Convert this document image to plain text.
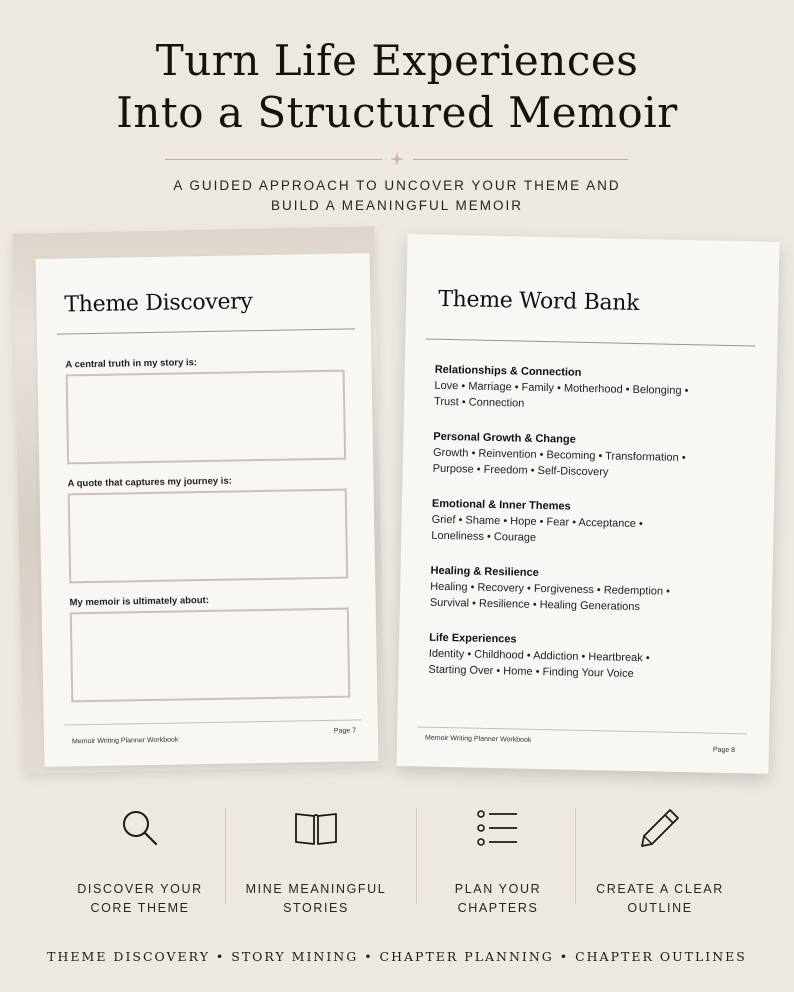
Turn Life Experiences
Into a Structured Memoir
A GUIDED APPROACH TO UNCOVER YOUR THEME AND
BUILD A MEANINGFUL MEMOIR
Theme Discovery
A central truth in my story is:
A quote that captures my journey is:
My memoir is ultimately about:
Memoir Writing Planner Workbook
Page 7
Theme Word Bank
Relationships & Connection
Love • Marriage • Family • Motherhood • Belonging •
Trust • Connection
Personal Growth & Change
Growth • Reinvention • Becoming • Transformation •
Purpose • Freedom • Self-Discovery
Emotional & Inner Themes
Grief • Shame • Hope • Fear • Acceptance •
Loneliness • Courage
Healing & Resilience
Healing • Recovery • Forgiveness • Redemption •
Survival • Resilience • Healing Generations
Life Experiences
Identity • Childhood • Addiction • Heartbreak •
Starting Over • Home • Finding Your Voice
Memoir Writing Planner Workbook
Page 8
DISCOVER YOUR
CORE THEME
MINE MEANINGFUL
STORIES
PLAN YOUR
CHAPTERS
CREATE A CLEAR
OUTLINE
THEME DISCOVERY • STORY MINING • CHAPTER PLANNING • CHAPTER OUTLINES
